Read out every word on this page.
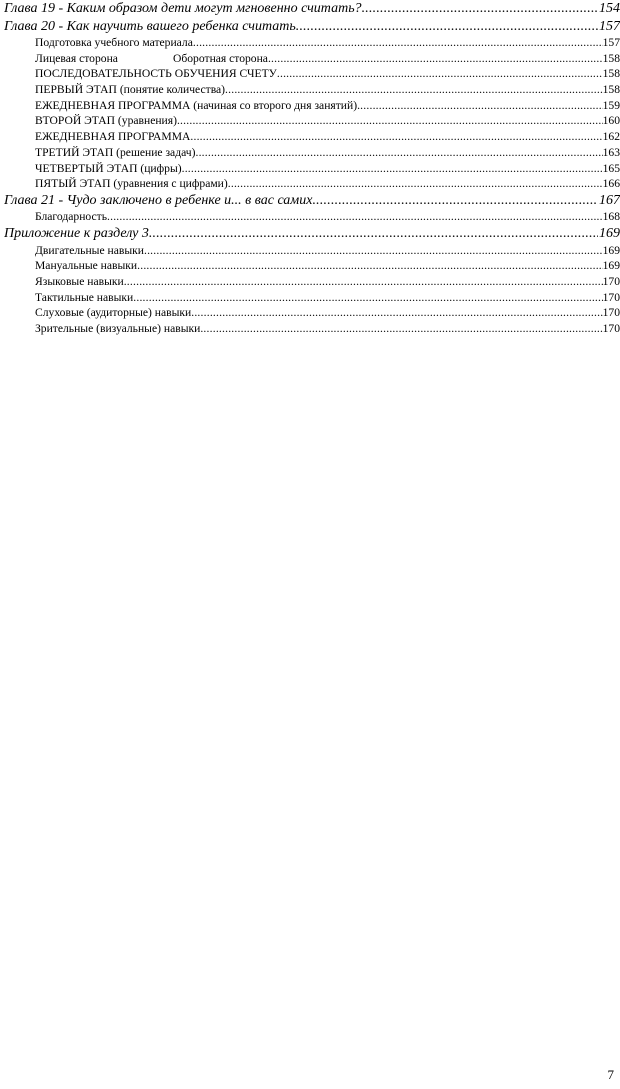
Глава 19 - Каким образом дети могут мгновенно считать? .....	154
Глава 20 - Как научить вашего ребенка считать .....	157
Подготовка учебного материала .....	157
Лицевая сторона                   Оборотная сторона .....	158
ПОСЛЕДОВАТЕЛЬНОСТЬ ОБУЧЕНИЯ СЧЕТУ .....	158
ПЕРВЫЙ ЭТАП (понятие количества) .....	158
ЕЖЕДНЕВНАЯ ПРОГРАММА (начиная со второго дня занятий) .....	159
ВТОРОЙ ЭТАП (уравнения) .....	160
ЕЖЕДНЕВНАЯ ПРОГРАММА .....	162
ТРЕТИЙ ЭТАП (решение задач) .....	163
ЧЕТВЕРТЫЙ ЭТАП (цифры) .....	165
ПЯТЫЙ ЭТАП (уравнения с цифрами) .....	166
Глава 21 - Чудо заключено в ребенке и... в вас самих .....	167
Благодарность .....	168
Приложение к разделу 3 .....	169
Двигательные навыки .....	169
Мануальные навыки .....	169
Языковые навыки .....	170
Тактильные навыки .....	170
Слуховые (аудиторные) навыки .....	170
Зрительные (визуальные) навыки .....	170
7
